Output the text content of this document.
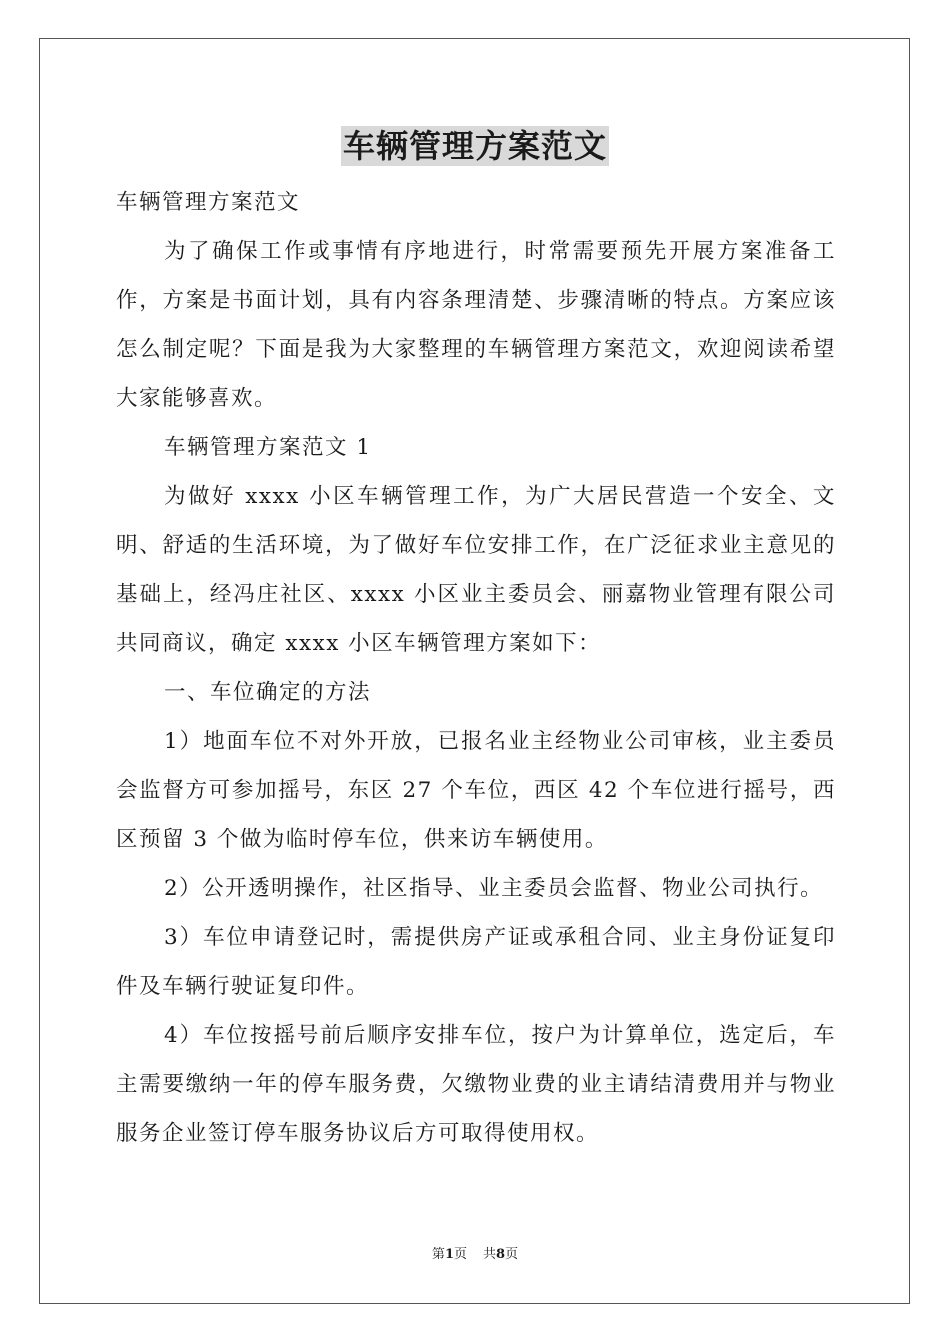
车辆管理方案范文

车辆管理方案范文

为了确保工作或事情有序地进行，时常需要预先开展方案准备工作，方案是书面计划，具有内容条理清楚、步骤清晰的特点。方案应该怎么制定呢？下面是我为大家整理的车辆管理方案范文，欢迎阅读希望大家能够喜欢。

车辆管理方案范文 1

为做好 xxxx 小区车辆管理工作，为广大居民营造一个安全、文明、舒适的生活环境，为了做好车位安排工作，在广泛征求业主意见的基础上，经冯庄社区、xxxx 小区业主委员会、丽嘉物业管理有限公司共同商议，确定 xxxx 小区车辆管理方案如下：

一、车位确定的方法

1）地面车位不对外开放，已报名业主经物业公司审核，业主委员会监督方可参加摇号，东区 27 个车位，西区 42 个车位进行摇号，西区预留 3 个做为临时停车位，供来访车辆使用。

2）公开透明操作，社区指导、业主委员会监督、物业公司执行。

3）车位申请登记时，需提供房产证或承租合同、业主身份证复印件及车辆行驶证复印件。

4）车位按摇号前后顺序安排车位，按户为计算单位，选定后，车主需要缴纳一年的停车服务费，欠缴物业费的业主请结清费用并与物业服务企业签订停车服务协议后方可取得使用权。

第1页 共8页
